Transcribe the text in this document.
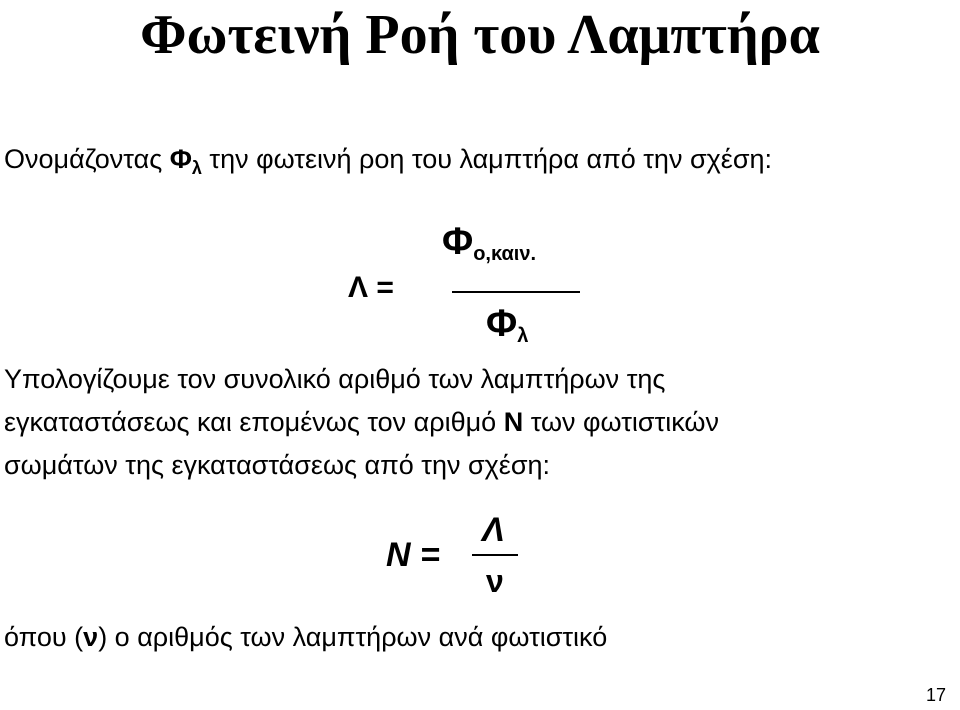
Φωτεινή Ροή του Λαμπτήρα
Ονομάζοντας $\Phi_\lambda$ την φωτεινή ροη του λαμπτήρα από την σχέση:
Λ =
Φο,καιν.
Φλ
Υπολογίζουμε τον συνολικό αριθμό των λαμπτήρων της
εγκαταστάσεως και επομένως τον αριθμό Ν των φωτιστικών
σωμάτων της εγκαταστάσεως από την σχέση:
Ν =
Λ
ν
όπου (ν) ο αριθμός των λαμπτήρων ανά φωτιστικό
17
